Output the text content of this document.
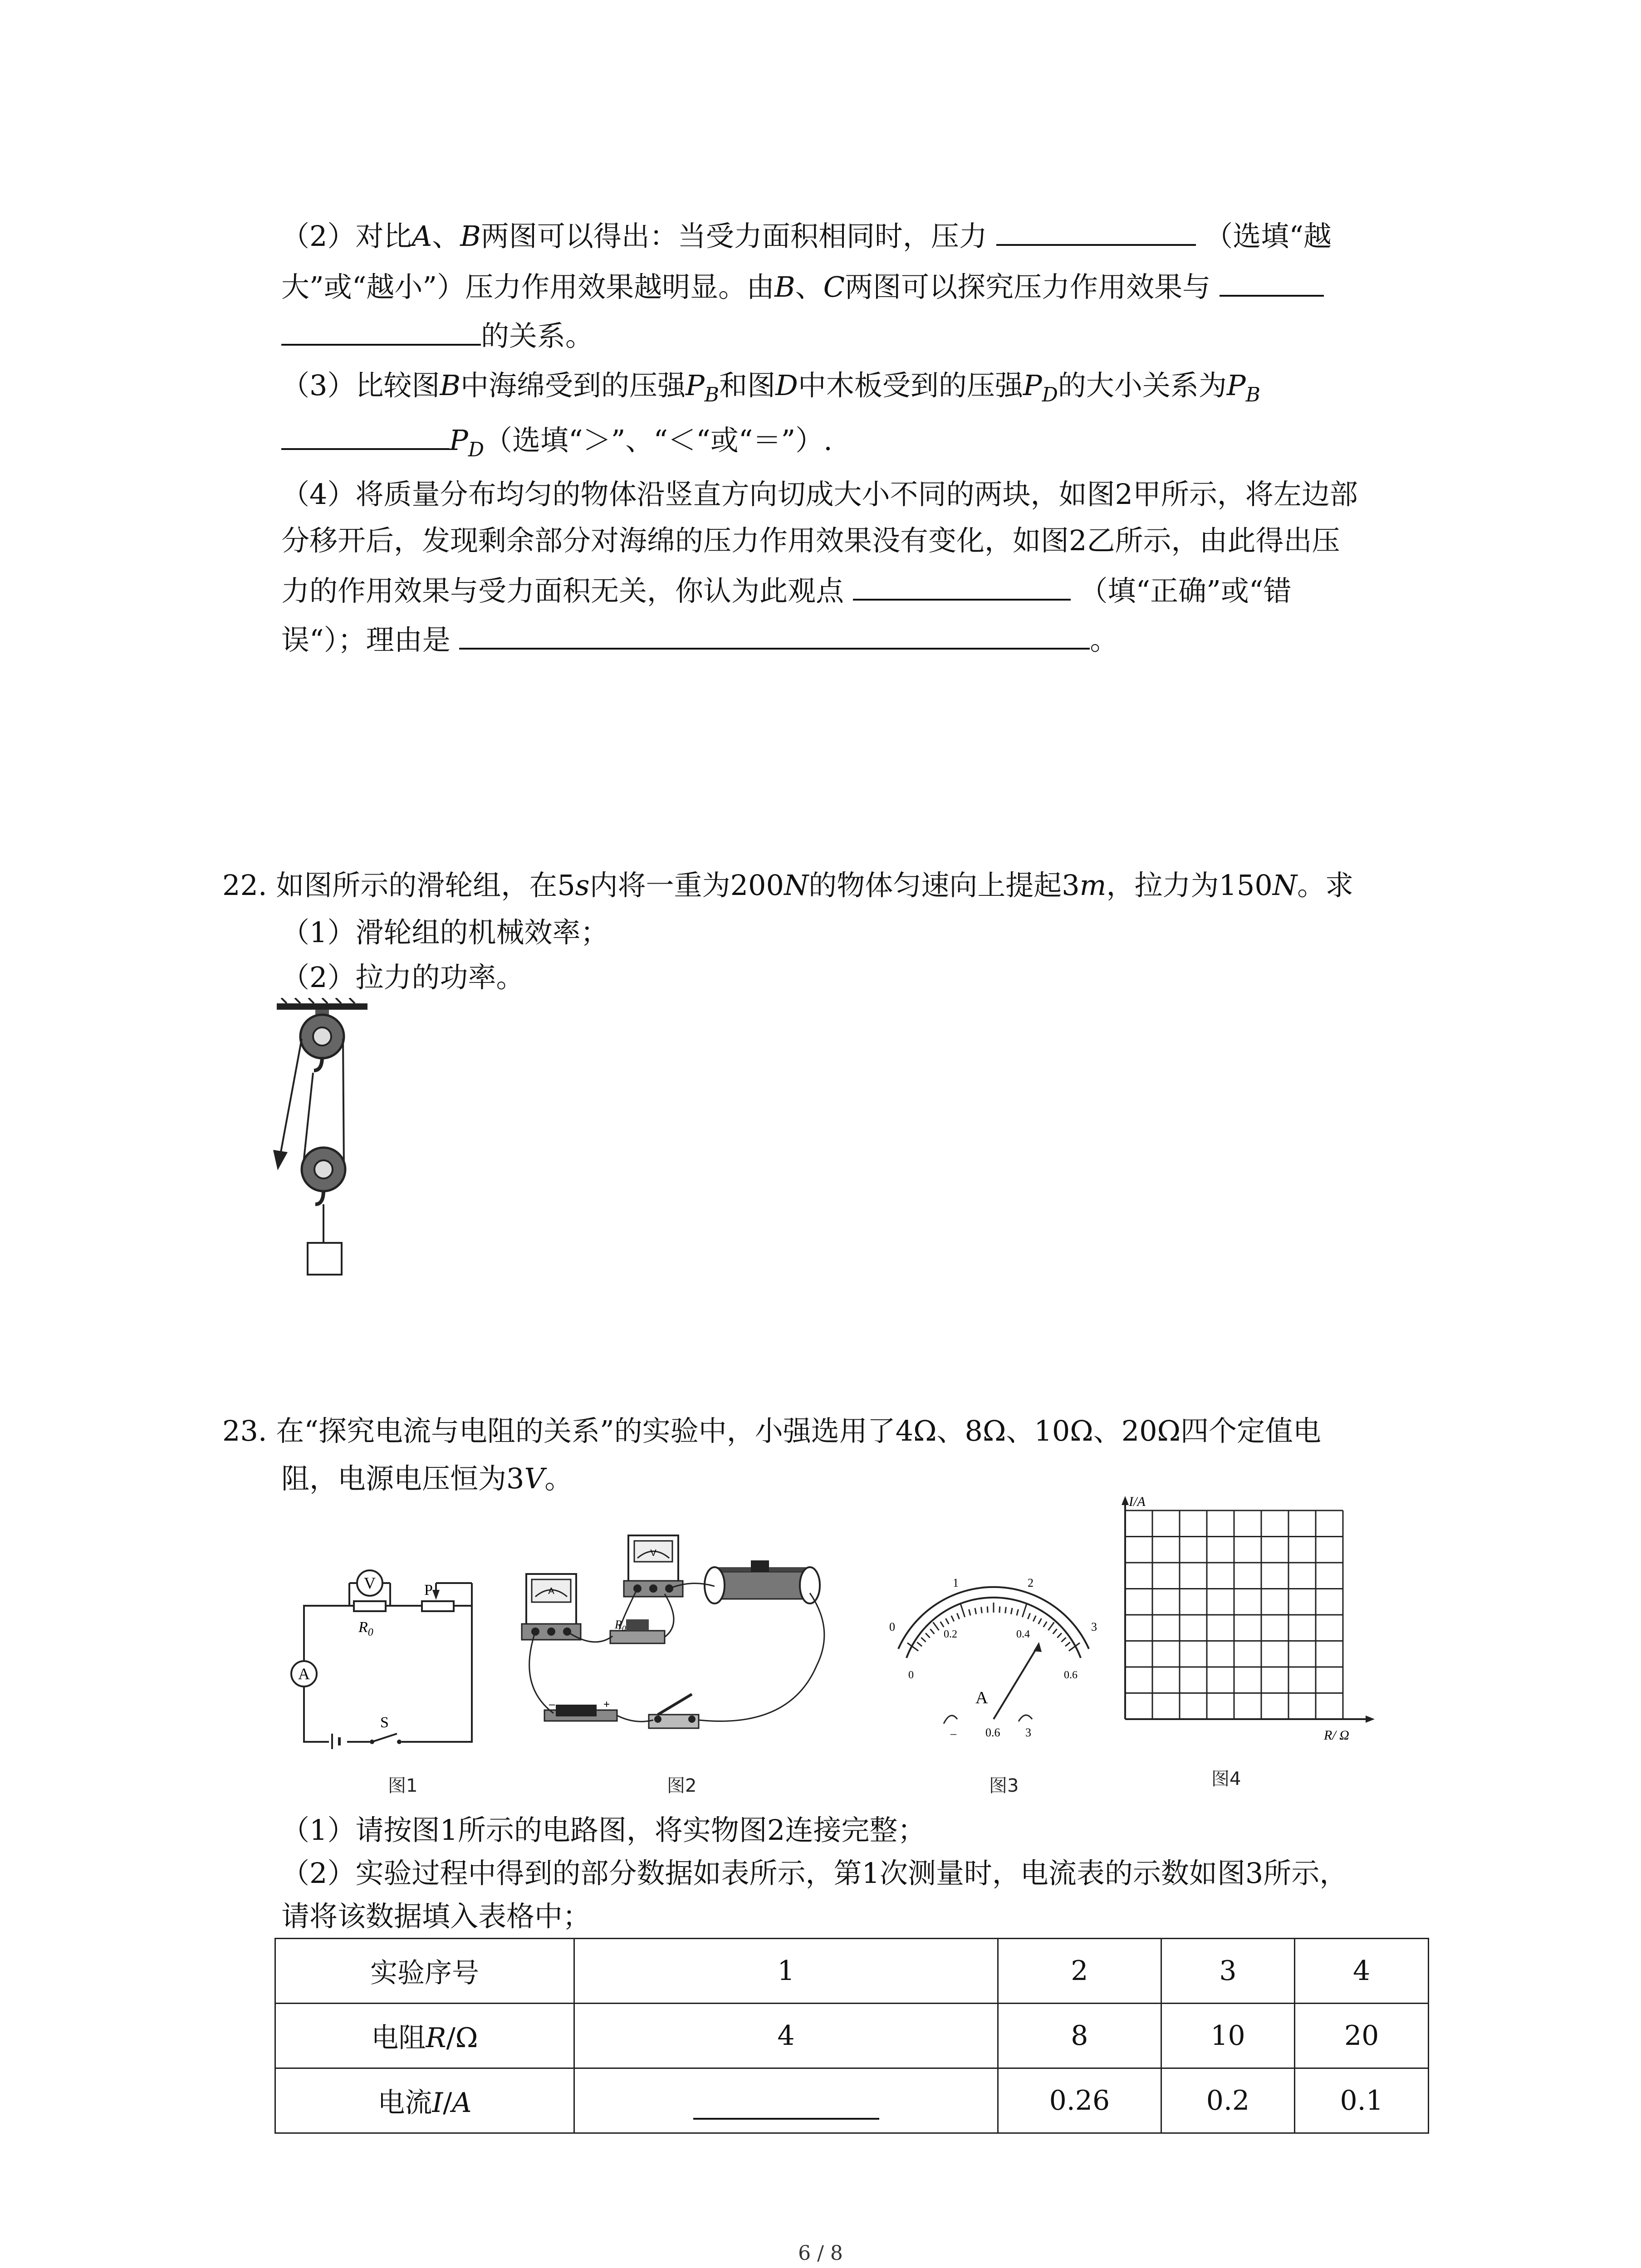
（2）对比A、B两图可以得出：当受力面积相同时，压力	（选填“越
大”或“越小”）压力作用效果越明显。由B、C两图可以探究压力作用效果与
的关系。
（3）比较图B中海绵受到的压强$P_B$和图D中木板受到的压强$P_D$的大小关系为$P_B$
$P_D$（选填“＞”、“＜“或“＝”）.
（4）将质量分布均匀的物体沿竖直方向切成大小不同的两块，如图2甲所示，将左边部
分移开后，发现剩余部分对海绵的压力作用效果没有变化，如图2乙所示，由此得出压
力的作用效果与受力面积无关，你认为此观点	（填“正确”或“错
误“）；理由是	。
22. 如图所示的滑轮组，在5s内将一重为200N的物体匀速向上提起3m，拉力为150N。求
（1）滑轮组的机械效率；
（2）拉力的功率。
23. 在“探究电流与电阻的关系”的实验中，小强选用了4Ω、8Ω、10Ω、20Ω四个定值电
阻，电源电压恒为3V。
V
A
P
$R_0$
S
图1
A
V
$R_0$
–	+
图2
0
1	2
3
0
0.2	0.4
0.6
A
– 0.6 3
图3
I/A
R/ Ω
图4
（1）请按图1所示的电路图，将实物图2连接完整；
（2）实验过程中得到的部分数据如表所示，第1次测量时，电流表的示数如图3所示，
请将该数据填入表格中；
实验序号	1	2	3	4
电阻R/Ω	4	8	10	20
电流I/A		0.26	0.2	0.1
6 / 8
